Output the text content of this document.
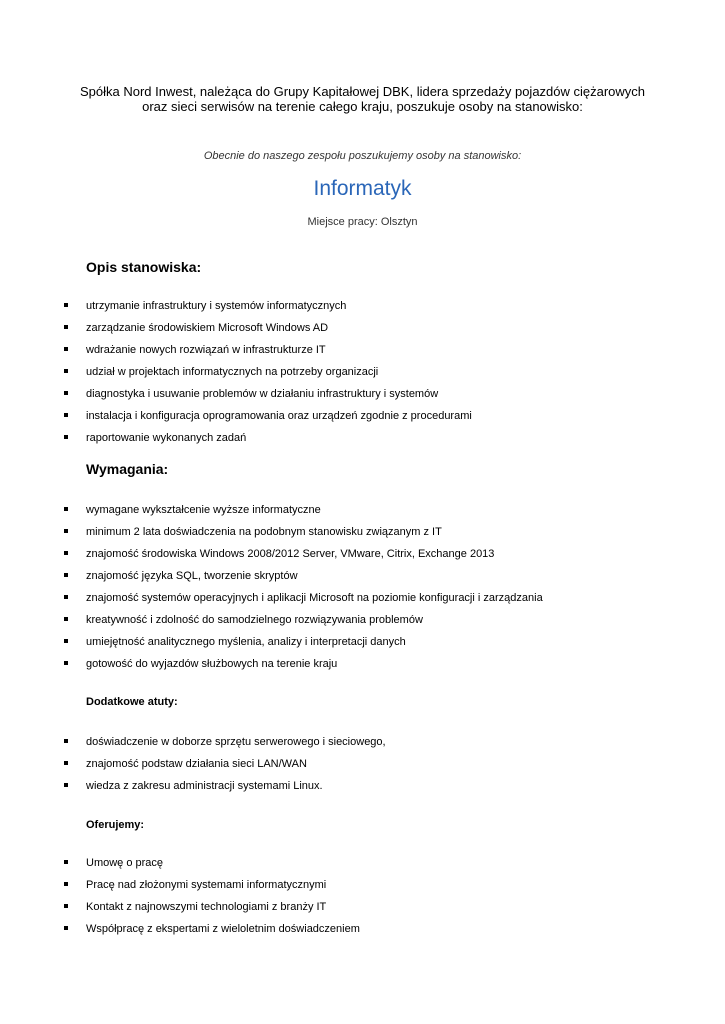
Spółka Nord Inwest, należąca do Grupy Kapitałowej DBK, lidera sprzedaży pojazdów ciężarowych
oraz sieci serwisów na terenie całego kraju, poszukuje osoby na stanowisko:
Obecnie do naszego zespołu poszukujemy osoby na stanowisko:
Informatyk
Miejsce pracy: Olsztyn
Opis stanowiska:
utrzymanie infrastruktury i systemów informatycznych
zarządzanie środowiskiem Microsoft Windows AD
wdrażanie nowych rozwiązań w infrastrukturze IT
udział w projektach informatycznych na potrzeby organizacji
diagnostyka i usuwanie problemów w działaniu infrastruktury i systemów
instalacja i konfiguracja oprogramowania oraz urządzeń zgodnie z procedurami
raportowanie wykonanych zadań
Wymagania:
wymagane wykształcenie wyższe informatyczne
minimum 2 lata doświadczenia na podobnym stanowisku związanym z IT
znajomość środowiska Windows 2008/2012 Server, VMware, Citrix, Exchange 2013
znajomość języka SQL, tworzenie skryptów
znajomość systemów operacyjnych i aplikacji Microsoft na poziomie konfiguracji i zarządzania
kreatywność i zdolność do samodzielnego rozwiązywania problemów
umiejętność analitycznego myślenia, analizy i interpretacji danych
gotowość do wyjazdów służbowych na terenie kraju
Dodatkowe atuty:
doświadczenie w doborze sprzętu serwerowego i sieciowego,
znajomość podstaw działania sieci LAN/WAN
wiedza z zakresu administracji systemami Linux.
Oferujemy:
Umowę o pracę
Pracę nad złożonymi systemami informatycznymi
Kontakt z najnowszymi technologiami z branży IT
Współpracę z ekspertami z wieloletnim doświadczeniem
